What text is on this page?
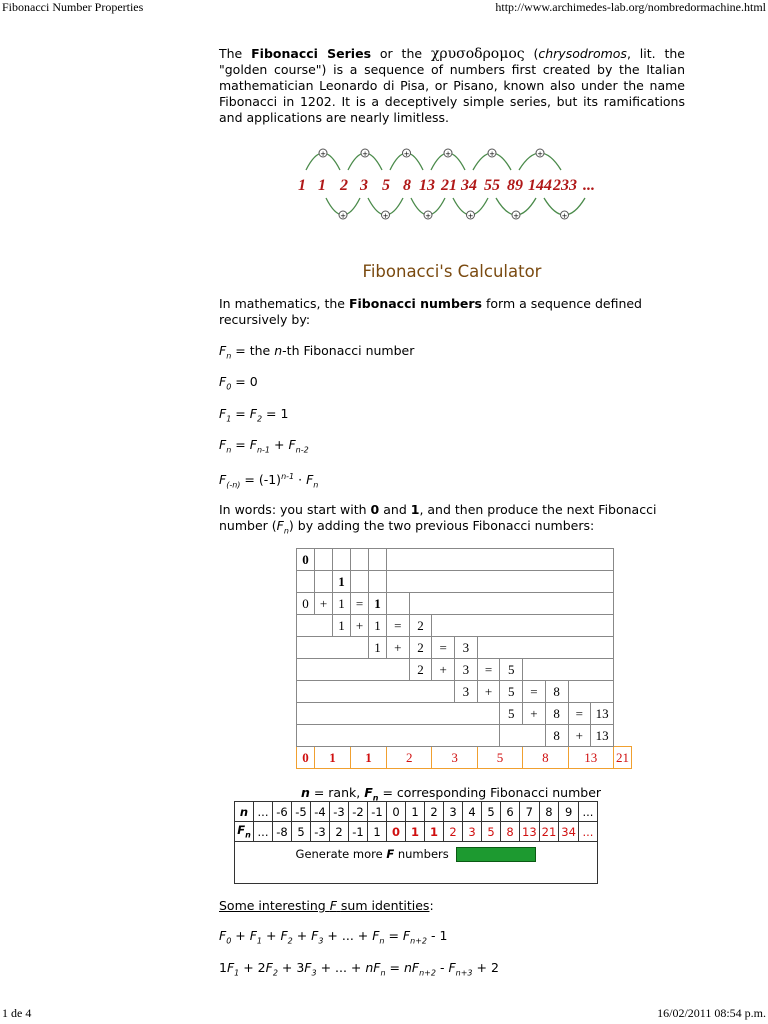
Fibonacci Number Properties	http://www.archimedes-lab.org/nombredormachine.html
The Fibonacci Series or the χρυσοδρομος (chrysodromos, lit. the "golden course") is a sequence of numbers first created by the Italian mathematician Leonardo di Pisa, or Pisano, known also under the name Fibonacci in 1202. It is a deceptively simple series, but its ramifications and applications are nearly limitless.
+
+
+
+
+
+
+
+
+
+
+
+
1 1 2 3 5 8 13 21 34 55 89 144 233 ...
Fibonacci's Calculator
In mathematics, the Fibonacci numbers form a sequence defined recursively by:
$F_n$ = the n-th Fibonacci number
$F_0 = 0$
$F_1 = F_2 = 1$
$F_n = F_{n-1} + F_{n-2}$
$F_{(-n)} = (-1)^{n-1} \cdot F_n$
In words: you start with 0 and 1, and then produce the next Fibonacci number $(F_n)$ by adding the two previous Fibonacci numbers:
0															
		1													
0	+	1	=	1											
		1	+	1	=	2									
				1	+	2	=	3							
						2	+	3	=	5					
								3	+	5	=	8			
										5	+	8	=	13	
												8	+	13	
0	1		1		2		3		5		8		13		21
n = rank, $F_n$ = corresponding Fibonacci number
n	...	-6	-5	-4	-3	-2	-1	0	1	2	3	4	5	6	7	8	9	...
$F_n$	...	-8	5	-3	2	-1	1	0	1	1	2	3	5	8	13	21	34	...
Generate more F numbers																		
Some interesting F sum identities:
$F_0 + F_1 + F_2 + F_3$ + ... + $F_n = F_{n+2} - 1$
$1F_1 + 2F_2 + 3F_3$ + ... + $nF_n = nF_{n+2} - F_{n+3} + 2$
1 de 4	16/02/2011 08:54 p.m.
